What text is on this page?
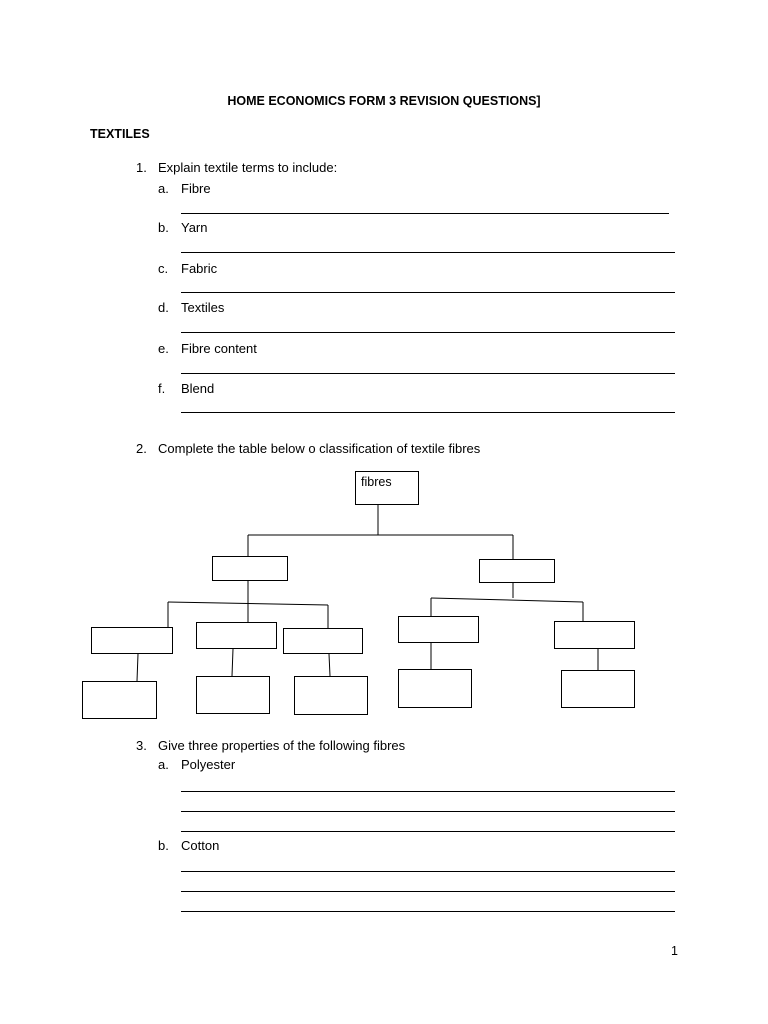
HOME ECONOMICS FORM 3 REVISION QUESTIONS]
TEXTILES
1. Explain textile terms to include:
a. Fibre
b. Yarn
c. Fabric
d. Textiles
e. Fibre content
f. Blend
2. Complete the table below o classification of textile fibres
fibres
3. Give three properties of the following fibres
a. Polyester
b. Cotton
1
